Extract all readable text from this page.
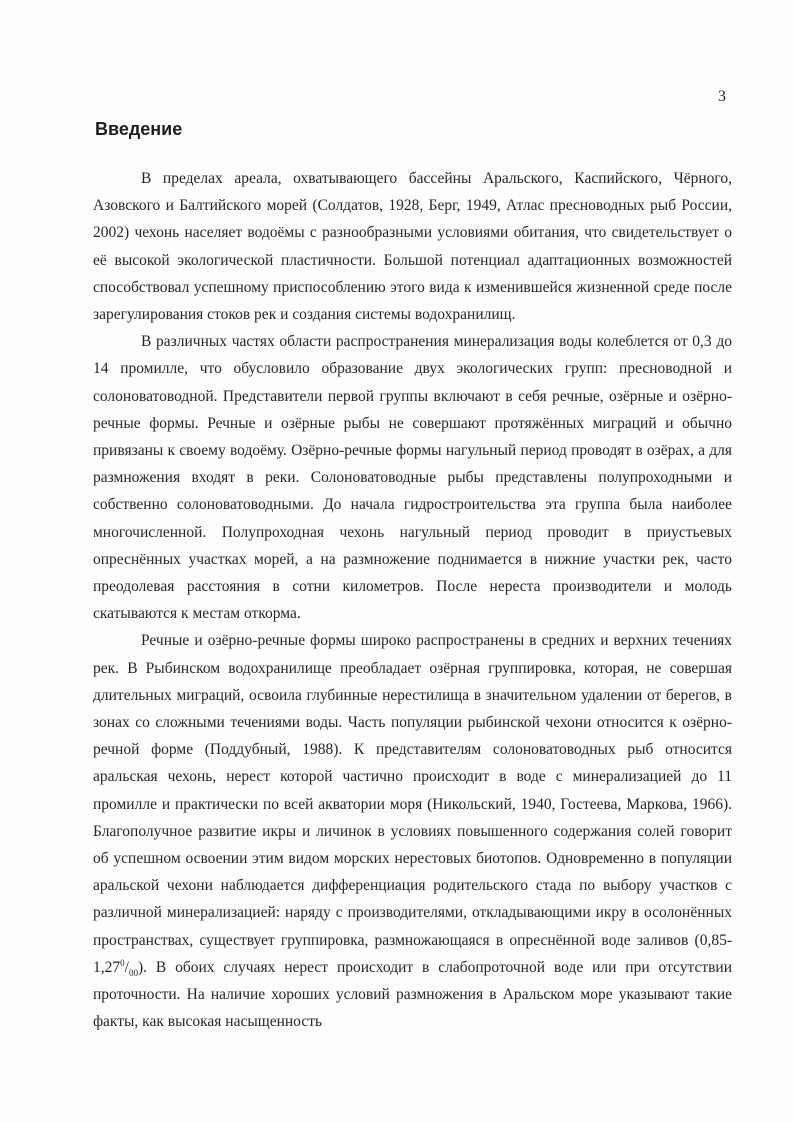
3
Введение

В пределах ареала, охватывающего бассейны Аральского, Каспийского, Чёрного, Азовского и Балтийского морей (Солдатов, 1928, Берг, 1949, Атлас пресноводных рыб России, 2002) чехонь населяет водоёмы с разнообразными условиями обитания, что свидетельствует о её высокой экологической пластичности. Большой потенциал адаптационных возможностей способствовал успешному приспособлению этого вида к изменившейся жизненной среде после зарегулирования стоков рек и создания системы водохранилищ.

В различных частях области распространения минерализация воды колеблется от 0,3 до 14 промилле, что обусловило образование двух экологических групп: пресноводной и солоноватоводной. Представители первой группы включают в себя речные, озёрные и озёрно-речные формы. Речные и озёрные рыбы не совершают протяжённых миграций и обычно привязаны к своему водоёму. Озёрно-речные формы нагульный период проводят в озёрах, а для размножения входят в реки. Солоноватоводные рыбы представлены полупроходными и собственно солоноватоводными. До начала гидростроительства эта группа была наиболее многочисленной. Полупроходная чехонь нагульный период проводит в приустьевых опреснённых участках морей, а на размножение поднимается в нижние участки рек, часто преодолевая расстояния в сотни километров. После нереста производители и молодь скатываются к местам откорма.

Речные и озёрно-речные формы широко распространены в средних и верхних течениях рек. В Рыбинском водохранилище преобладает озёрная группировка, которая, не совершая длительных миграций, освоила глубинные нерестилища в значительном удалении от берегов, в зонах со сложными течениями воды. Часть популяции рыбинской чехони относится к озёрно-речной форме (Поддубный, 1988). К представителям солоноватоводных рыб относится аральская чехонь, нерест которой частично происходит в воде с минерализацией до 11 промилле и практически по всей акватории моря (Никольский, 1940, Гостеева, Маркова, 1966). Благополучное развитие икры и личинок в условиях повышенного содержания солей говорит об успешном освоении этим видом морских нерестовых биотопов. Одновременно в популяции аральской чехони наблюдается дифференциация родительского стада по выбору участков с различной минерализацией: наряду с производителями, откладывающими икру в осолонённых пространствах, существует группировка, размножающаяся в опреснённой воде заливов $(0,85-1,27^0/_{00})$. В обоих случаях нерест происходит в слабопроточной воде или при отсутствии проточности. На наличие хороших условий размножения в Аральском море указывают такие факты, как высокая насыщенность
